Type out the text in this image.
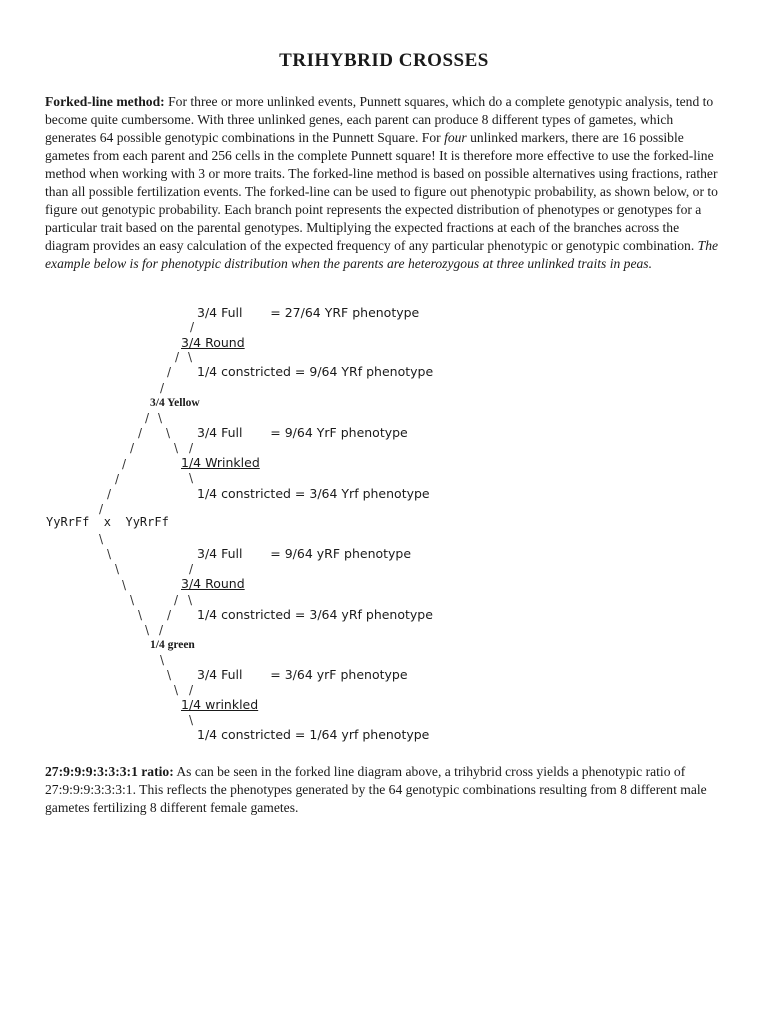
TRIHYBRID CROSSES

Forked-line method: For three or more unlinked events, Punnett squares, which do a complete genotypic analysis, tend to become quite cumbersome. With three unlinked genes, each parent can produce 8 different types of gametes, which generates 64 possible genotypic combinations in the Punnett Square. For four unlinked markers, there are 16 possible gametes from each parent and 256 cells in the complete Punnett square! It is therefore more effective to use the forked-line method when working with 3 or more traits. The forked-line method is based on possible alternatives using fractions, rather than all possible fertilization events. The forked-line can be used to figure out phenotypic probability, as shown below, or to figure out genotypic probability. Each branch point represents the expected distribution of phenotypes or genotypes for a particular trait based on the parental genotypes. Multiplying the expected fractions at each of the branches across the diagram provides an easy calculation of the expected frequency of any particular phenotypic or genotypic combination. The example below is for phenotypic distribution when the parents are heterozygous at three unlinked traits in peas.

3/4 Full       = 27/64 YRF phenotype
3/4 Round
1/4 constricted = 9/64 YRf phenotype
3/4 Yellow
3/4 Full       = 9/64 YrF phenotype
1/4 Wrinkled
1/4 constricted = 3/64 Yrf phenotype
YyRrFf  x  YyRrFf
3/4 Full       = 9/64 yRF phenotype
3/4 Round
1/4 constricted = 3/64 yRf phenotype
1/4 green
3/4 Full       = 3/64 yrF phenotype
1/4 wrinkled
1/4 constricted = 1/64 yrf phenotype
/
/ \
/
/
/ \
/ \
/	\ /
/
/	\
/
/
\
\
\	/
\
\	/ \
\ /
\ /
\
\
\ /
\

27:9:9:9:3:3:3:1 ratio: As can be seen in the forked line diagram above, a trihybrid cross yields a phenotypic ratio of 27:9:9:9:3:3:3:1. This reflects the phenotypes generated by the 64 genotypic combinations resulting from 8 different male gametes fertilizing 8 different female gametes.
